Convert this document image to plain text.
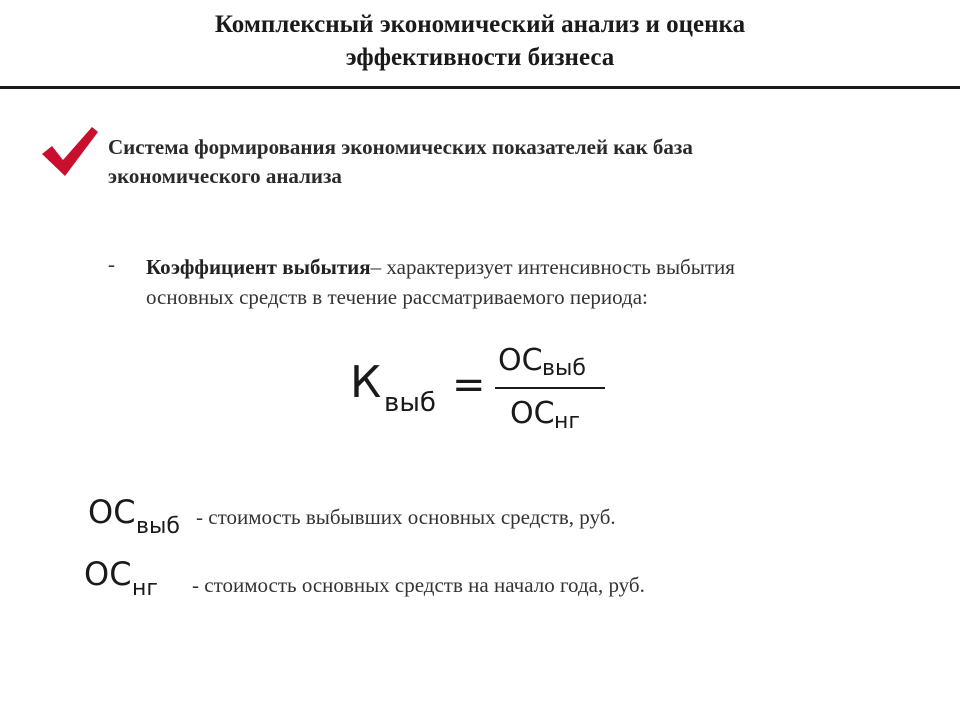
Комплексный экономический анализ и оценка
эффективности бизнеса
Система формирования экономических показателей как база
экономического анализа
- Коэффициент выбытия– характеризует интенсивность выбытия
основных средств в течение рассматриваемого периода:
К выб =
ОС выб
ОС нг
ОС выб - стоимость выбывших основных средств, руб.
ОС нг - стоимость основных средств на начало года, руб.
